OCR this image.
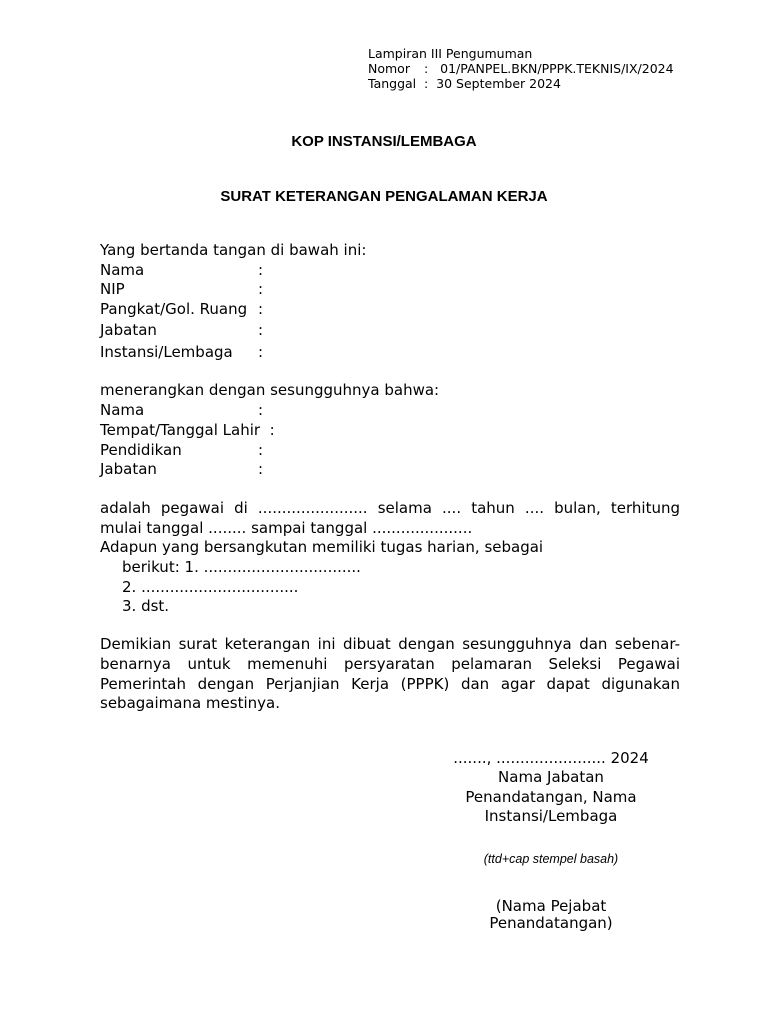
Lampiran III Pengumuman
Nomor : 01/PANPEL.BKN/PPPK.TEKNIS/IX/2024
Tanggal : 30 September 2024
KOP INSTANSI/LEMBAGA
SURAT KETERANGAN PENGALAMAN KERJA
Yang bertanda tangan di bawah ini:
Nama	:
NIP	:
Pangkat/Gol. Ruang :
Jabatan	:
Instansi/Lembaga :
menerangkan dengan sesungguhnya bahwa:
Nama	:
Tempat/Tanggal Lahir :
Pendidikan	:
Jabatan	:
adalah pegawai di ....................... selama .... tahun .... bulan, terhitung
mulai tanggal ........ sampai tanggal .....................
Adapun yang bersangkutan memiliki tugas harian, sebagai
berikut: 1. .................................
2. .................................
3. dst.
Demikian surat keterangan ini dibuat dengan sesungguhnya dan sebenar-
benarnya untuk memenuhi persyaratan pelamaran Seleksi Pegawai
Pemerintah dengan Perjanjian Kerja (PPPK) dan agar dapat digunakan
sebagaimana mestinya.
......., ....................... 2024
Nama Jabatan
Penandatangan, Nama
Instansi/Lembaga
(ttd+cap stempel basah)
(Nama Pejabat
Penandatangan)
